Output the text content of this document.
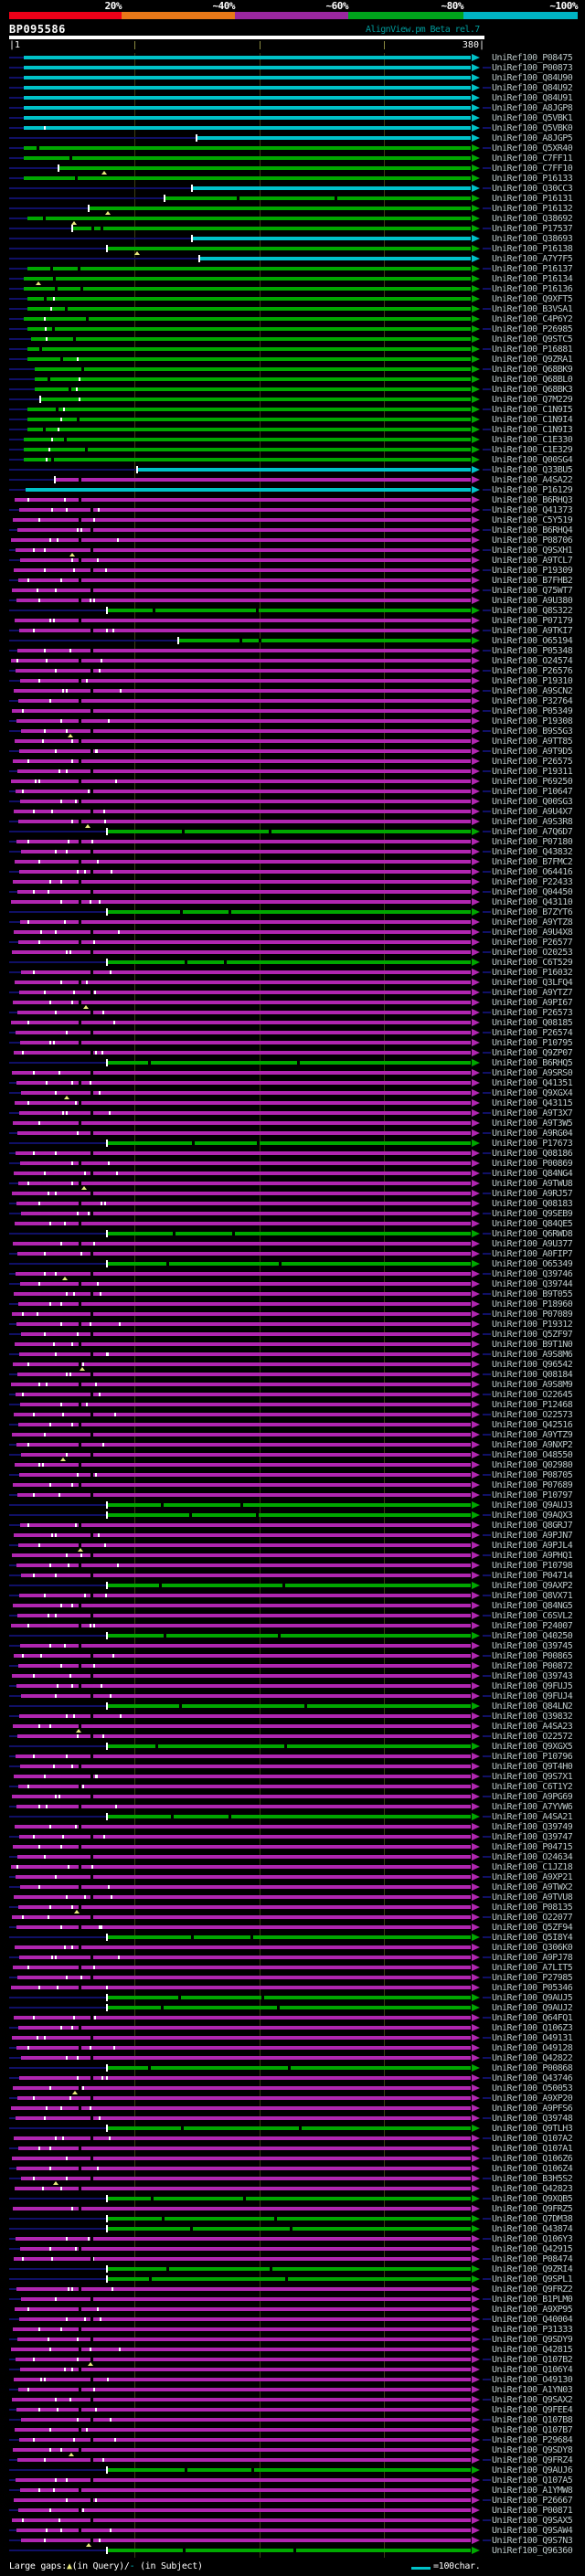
20%	~40%	~60%	~80%	~100%
BP095586	AlignView.pm Beta rel.7
|1	380|
UniRef100_P08475
UniRef100_P00873
UniRef100_Q84U90
UniRef100_Q84U92
UniRef100_Q84U91
UniRef100_A8JGP8
UniRef100_Q5VBK1
UniRef100_Q5VBK0
UniRef100_A8JGP5
UniRef100_Q5XR40
UniRef100_C7FF11
UniRef100_C7FF10
UniRef100_P16133
UniRef100_Q30CC3
UniRef100_P16131
UniRef100_P16132
UniRef100_Q38692
UniRef100_P17537
UniRef100_Q38693
UniRef100_P16138
UniRef100_A7Y7F5
UniRef100_P16137
UniRef100_P16134
UniRef100_P16136
UniRef100_Q9XFT5
UniRef100_B3VSA1
UniRef100_C4P6Y2
UniRef100_P26985
UniRef100_Q9STC5
UniRef100_P16881
UniRef100_Q9ZRA1
UniRef100_Q68BK9
UniRef100_Q68BL0
UniRef100_Q68BK3
UniRef100_Q7M229
UniRef100_C1N9I5
UniRef100_C1N9I4
UniRef100_C1N9I3
UniRef100_C1E330
UniRef100_C1E329
UniRef100_Q00SG4
UniRef100_Q33BU5
UniRef100_A4SA22
UniRef100_P16129
UniRef100_B6RHQ3
UniRef100_Q41373
UniRef100_C5Y519
UniRef100_B6RHQ4
UniRef100_P08706
UniRef100_Q9SXH1
UniRef100_A9TCL7
UniRef100_P19309
UniRef100_B7FHB2
UniRef100_Q75WT7
UniRef100_A9U380
UniRef100_Q8S322
UniRef100_P07179
UniRef100_A9TKI7
UniRef100_O65194
UniRef100_P05348
UniRef100_O24574
UniRef100_P26576
UniRef100_P19310
UniRef100_A9SCN2
UniRef100_P32764
UniRef100_P05349
UniRef100_P19308
UniRef100_B9S5G3
UniRef100_A9TT85
UniRef100_A9T9D5
UniRef100_P26575
UniRef100_P19311
UniRef100_P69250
UniRef100_P10647
UniRef100_Q00SG3
UniRef100_A9U4X7
UniRef100_A9S3R8
UniRef100_A7Q6D7
UniRef100_P07180
UniRef100_Q43832
UniRef100_B7FMC2
UniRef100_O64416
UniRef100_P22433
UniRef100_Q04450
UniRef100_Q43110
UniRef100_B7ZYT6
UniRef100_A9YTZ8
UniRef100_A9U4X8
UniRef100_P26577
UniRef100_O20253
UniRef100_C6T529
UniRef100_P16032
UniRef100_Q3LFQ4
UniRef100_A9YTZ7
UniRef100_A9PI67
UniRef100_P26573
UniRef100_Q08185
UniRef100_P26574
UniRef100_P10795
UniRef100_Q9ZP07
UniRef100_B6RHQ5
UniRef100_A9SRS0
UniRef100_Q41351
UniRef100_Q9XGX4
UniRef100_Q43115
UniRef100_A9T3X7
UniRef100_A9T3W5
UniRef100_A9RG04
UniRef100_P17673
UniRef100_Q08186
UniRef100_P00869
UniRef100_Q84NG4
UniRef100_A9TWU8
UniRef100_A9RJ57
UniRef100_Q08183
UniRef100_Q9SEB9
UniRef100_Q84QE5
UniRef100_Q6RWD8
UniRef100_A9U377
UniRef100_A0FIP7
UniRef100_O65349
UniRef100_Q39746
UniRef100_Q39744
UniRef100_B9T055
UniRef100_P18960
UniRef100_P07089
UniRef100_P19312
UniRef100_Q5ZF97
UniRef100_B9T1N0
UniRef100_A9S8M6
UniRef100_Q96542
UniRef100_Q08184
UniRef100_A9S8M9
UniRef100_O22645
UniRef100_P12468
UniRef100_O22573
UniRef100_Q42516
UniRef100_A9YTZ9
UniRef100_A9NXP2
UniRef100_O48550
UniRef100_Q02980
UniRef100_P08705
UniRef100_P07689
UniRef100_P10797
UniRef100_Q9AUJ3
UniRef100_Q9AQX3
UniRef100_Q8GRJ7
UniRef100_A9PJN7
UniRef100_A9PJL4
UniRef100_A9PHQ1
UniRef100_P10798
UniRef100_P04714
UniRef100_Q9AXP2
UniRef100_Q8VX71
UniRef100_Q84NG5
UniRef100_C6SVL2
UniRef100_P24007
UniRef100_Q40250
UniRef100_Q39745
UniRef100_P00865
UniRef100_P00872
UniRef100_Q39743
UniRef100_Q9FUJ5
UniRef100_Q9FUJ4
UniRef100_Q84LN2
UniRef100_Q39832
UniRef100_A4SA23
UniRef100_O22572
UniRef100_Q9XGX5
UniRef100_P10796
UniRef100_Q9T4H0
UniRef100_Q9S7X1
UniRef100_C6T1Y2
UniRef100_A9PG69
UniRef100_A7YVW6
UniRef100_A4SA21
UniRef100_Q39749
UniRef100_Q39747
UniRef100_P04715
UniRef100_O24634
UniRef100_C1JZ18
UniRef100_A9XP21
UniRef100_A9TWX2
UniRef100_A9TVU8
UniRef100_P08135
UniRef100_O22077
UniRef100_Q5ZF94
UniRef100_Q5I8Y4
UniRef100_Q306K0
UniRef100_A9PJ78
UniRef100_A7LIT5
UniRef100_P27985
UniRef100_P05346
UniRef100_Q9AUJ5
UniRef100_Q9AUJ2
UniRef100_Q64FQ1
UniRef100_Q106Z3
UniRef100_O49131
UniRef100_O49128
UniRef100_Q42822
UniRef100_P00868
UniRef100_Q43746
UniRef100_O50053
UniRef100_A9XP20
UniRef100_A9PFS6
UniRef100_Q39748
UniRef100_Q9TLH3
UniRef100_Q107A2
UniRef100_Q107A1
UniRef100_Q106Z6
UniRef100_Q106Z4
UniRef100_B3H5S2
UniRef100_Q42823
UniRef100_Q9XQB5
UniRef100_Q9FRZ5
UniRef100_Q7DM38
UniRef100_Q43874
UniRef100_Q106Y3
UniRef100_Q42915
UniRef100_P08474
UniRef100_Q9ZRI4
UniRef100_Q9SPL1
UniRef100_Q9FRZ2
UniRef100_B1PLM0
UniRef100_A9XP95
UniRef100_Q40004
UniRef100_P31333
UniRef100_Q9SDY9
UniRef100_Q42815
UniRef100_Q107B2
UniRef100_Q106Y4
UniRef100_O49130
UniRef100_A1YN03
UniRef100_Q9SAX2
UniRef100_Q9FEE4
UniRef100_Q107B8
UniRef100_Q107B7
UniRef100_P29684
UniRef100_Q9SDY8
UniRef100_Q9FRZ4
UniRef100_Q9AUJ6
UniRef100_Q107A5
UniRef100_A1YMW8
UniRef100_P26667
UniRef100_P00871
UniRef100_Q9SAX5
UniRef100_Q9SAW4
UniRef100_Q9S7N3
UniRef100_Q96360
Large gaps:▲(in Query)/- (in Subject)	=100char.
